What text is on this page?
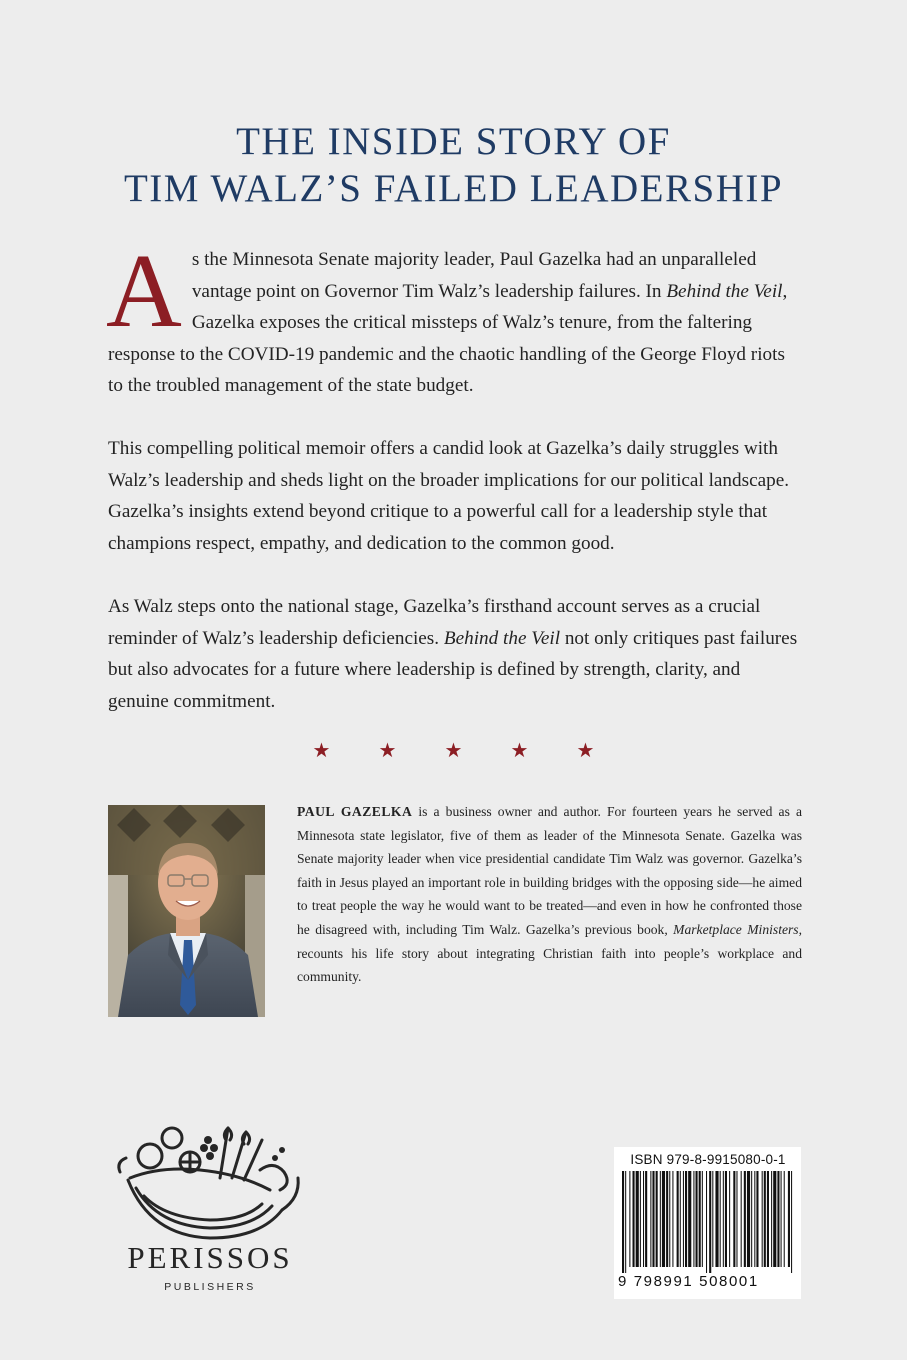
THE INSIDE STORY OF
TIM WALZ’S FAILED LEADERSHIP
As the Minnesota Senate majority leader, Paul Gazelka had an unparalleled vantage point on Governor Tim Walz’s leadership failures. In Behind the Veil, Gazelka exposes the critical missteps of Walz’s tenure, from the faltering response to the COVID-19 pandemic and the chaotic handling of the George Floyd riots to the troubled management of the state budget.
This compelling political memoir offers a candid look at Gazelka’s daily struggles with Walz’s leadership and sheds light on the broader implications for our political landscape. Gazelka’s insights extend beyond critique to a powerful call for a leadership style that champions respect, empathy, and dedication to the common good.
As Walz steps onto the national stage, Gazelka’s firsthand account serves as a crucial reminder of Walz’s leadership deficiencies. Behind the Veil not only critiques past failures but also advocates for a future where leadership is defined by strength, clarity, and genuine commitment.
★ ★ ★ ★ ★
PAUL GAZELKA is a business owner and author. For fourteen years he served as a Minnesota state legislator, five of them as leader of the Minnesota Senate. Gazelka was Senate majority leader when vice presidential candidate Tim Walz was governor. Gazelka’s faith in Jesus played an important role in building bridges with the opposing side—he aimed to treat people the way he would want to be treated—and even in how he confronted those he disagreed with, including Tim Walz. Gazelka’s previous book, Marketplace Ministers, recounts his life story about integrating Christian faith into people’s workplace and community.
PERISSOS
PUBLISHERS
ISBN 979-8-9915080-0-1
9 798991 508001
